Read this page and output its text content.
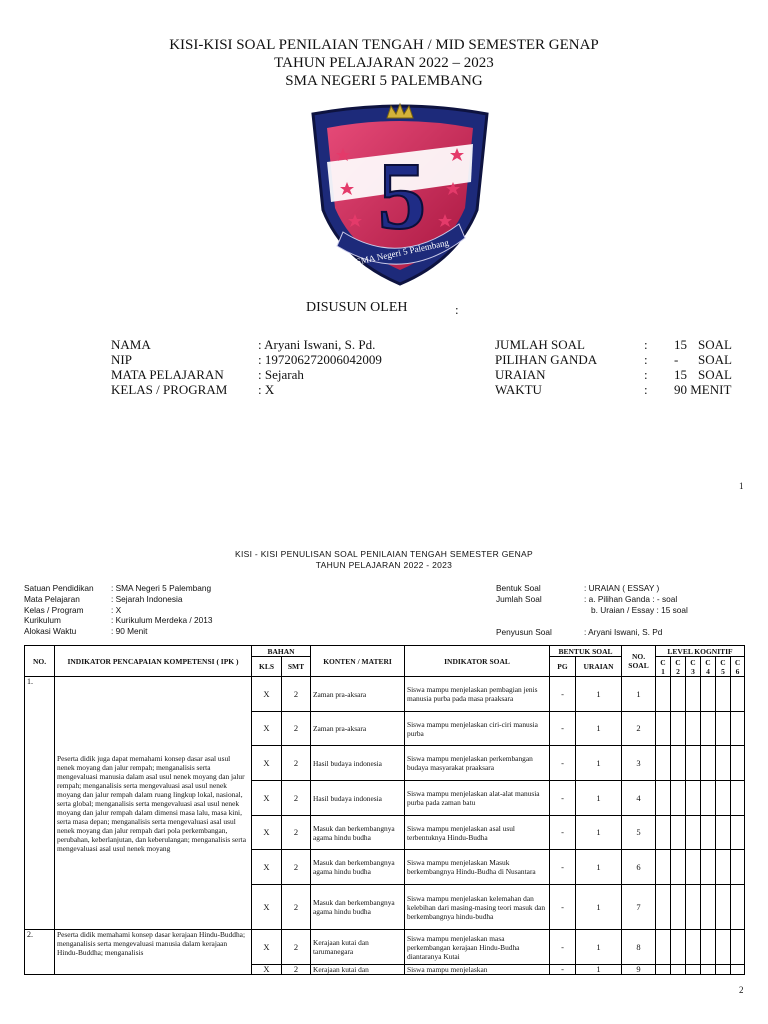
KISI-KISI SOAL PENILAIAN TENGAH / MID SEMESTER GENAP
TAHUN PELAJARAN 2022 – 2023
SMA NEGERI 5 PALEMBANG
5
SMA Negeri 5 Palembang
DISUSUN OLEH	:
NAMA	: Aryani Iswani, S. Pd.
NIP	: 197206272006042009
MATA PELAJARAN	: Sejarah
KELAS / PROGRAM : X
JUMLAH SOAL	: 15 SOAL
PILIHAN GANDA	: - SOAL
URAIAN	: 15 SOAL
WAKTU	: 90 MENIT
1
KISI - KISI PENULISAN SOAL PENILAIAN TENGAH SEMESTER GENAP
TAHUN PELAJARAN 2022 - 2023
Satuan Pendidikan : SMA Negeri 5 Palembang
Mata Pelajaran	: Sejarah Indonesia
Kelas / Program	: X
Kurikulum	: Kurikulum Merdeka / 2013
Alokasi Waktu	: 90 Menit
Bentuk Soal	: URAIAN ( ESSAY )
Jumlah Soal	: a. Pilihan Ganda : - soal
b. Uraian / Essay : 15 soal
Penyusun Soal	: Aryani Iswani, S. Pd
NO.	INDIKATOR PENCAPAIAN KOMPETENSI ( IPK )	BAHAN		KONTEN / MATERI	INDIKATOR SOAL	BENTUK SOAL		NO. SOAL	LEVEL KOGNITIF					
		KLS	SMT			PG	URAIAN		C 1	C 2	C 3	C 4	C 5	C 6
1.	Peserta didik juga dapat memahami konsep dasar asal usul nenek moyang dan jalur rempah; menganalisis serta mengevaluasi manusia dalam asal usul nenek moyang dan jalur rempah; menganalisis serta mengevaluasi asal usul nenek moyang dan jalur rempah dalam ruang lingkup lokal, nasional, serta global; menganalisis serta mengevaluasi asal usul nenek moyang dan jalur rempah dalam dimensi masa lalu, masa kini, serta masa depan; menganalisis serta mengevaluasi asal usul nenek moyang dan jalur rempah dari pola perkembangan, perubahan, keberlanjutan, dan keberulangan; menganalisis serta mengevaluasi asal usul nenek moyang	X	2	Zaman pra-aksara	Siswa mampu menjelaskan pembagian jenis manusia purba pada masa praaksara	-	1	1						
		X	2	Zaman pra-aksara	Siswa mampu menjelaskan ciri-ciri manusia purba	-	1	2						
		X	2	Hasil budaya indonesia	Siswa mampu menjelaskan perkembangan budaya masyarakat praaksara	-	1	3						
		X	2	Hasil budaya indonesia	Siswa mampu menjelaskan alat-alat manusia purba pada zaman batu	-	1	4						
		X	2	Masuk dan berkembangnya agama hindu budha	Siswa mampu menjelaskan asal usul terbentuknya Hindu-Budha	-	1	5						
		X	2	Masuk dan berkembangnya agama hindu budha	Siswa mampu menjelaskan Masuk berkembangnya Hindu-Budha di Nusantara	-	1	6						
		X	2	Masuk dan berkembangnya agama hindu budha	Siswa mampu menjelaskan kelemahan dan kelebihan dari masing-masing teori masuk dan berkembangnya hindu-budha	-	1	7						
2.	Peserta didik memahami konsep dasar kerajaan Hindu-Buddha; menganalisis serta mengevaluasi manusia dalam kerajaan Hindu-Buddha; menganalisis	X	2	Kerajaan kutai dan tarumanegara	Siswa mampu menjelaskan masa perkembangan kerajaan Hindu-Budha diantaranya Kutai	-	1	8						
		X	2	Kerajaan kutai dan	Siswa mampu menjelaskan	-	1	9						
2
